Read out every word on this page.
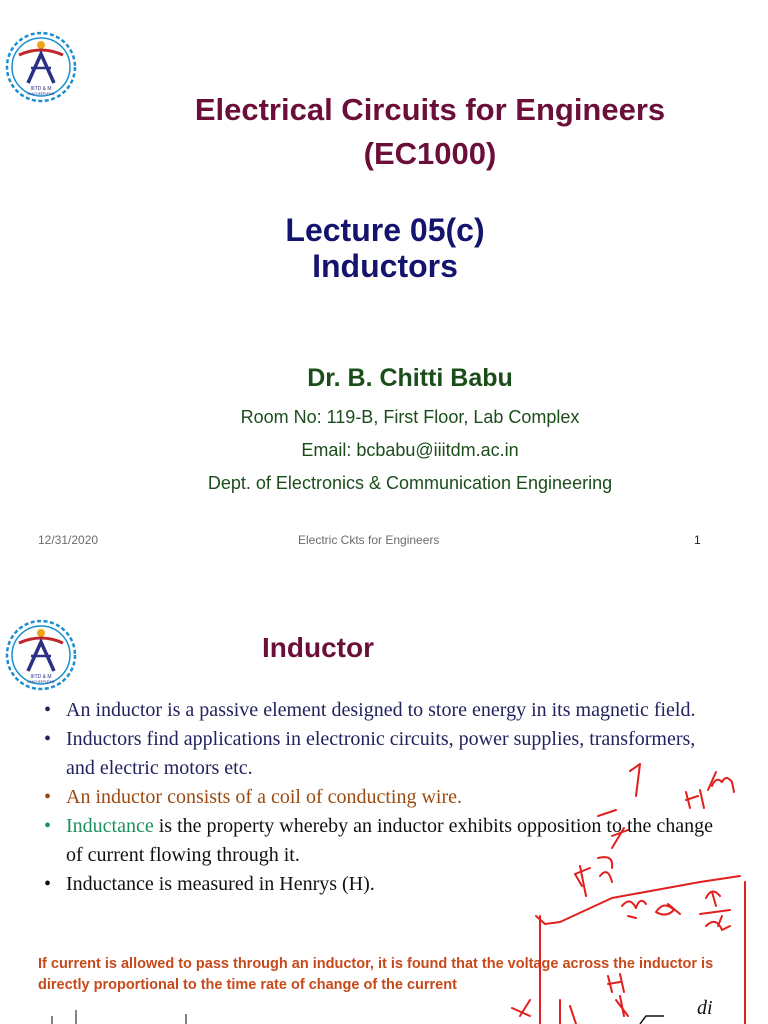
IIITD & M
KANCHEEPURAM	Electrical Circuits for Engineers
(EC1000)
Lecture 05(c)
Inductors
Dr. B. Chitti Babu
Room No: 119-B, First Floor, Lab Complex
Email: bcbabu@iiitdm.ac.in
Dept. of Electronics & Communication Engineering
12/31/2020	Electric Ckts for Engineers	1
IIITD & M
KANCHEEPURAM
Inductor
• An inductor is a passive element designed to store energy in its magnetic field.
• Inductors find applications in electronic circuits, power supplies, transformers, and electric motors etc.
• An inductor consists of a coil of conducting wire.
• Inductance is the property whereby an inductor exhibits opposition to the change of current flowing through it.
• Inductance is measured in Henrys (H).
If current is allowed to pass through an inductor, it is found that the voltage across the inductor is directly proportional to the time rate of change of the current
di
